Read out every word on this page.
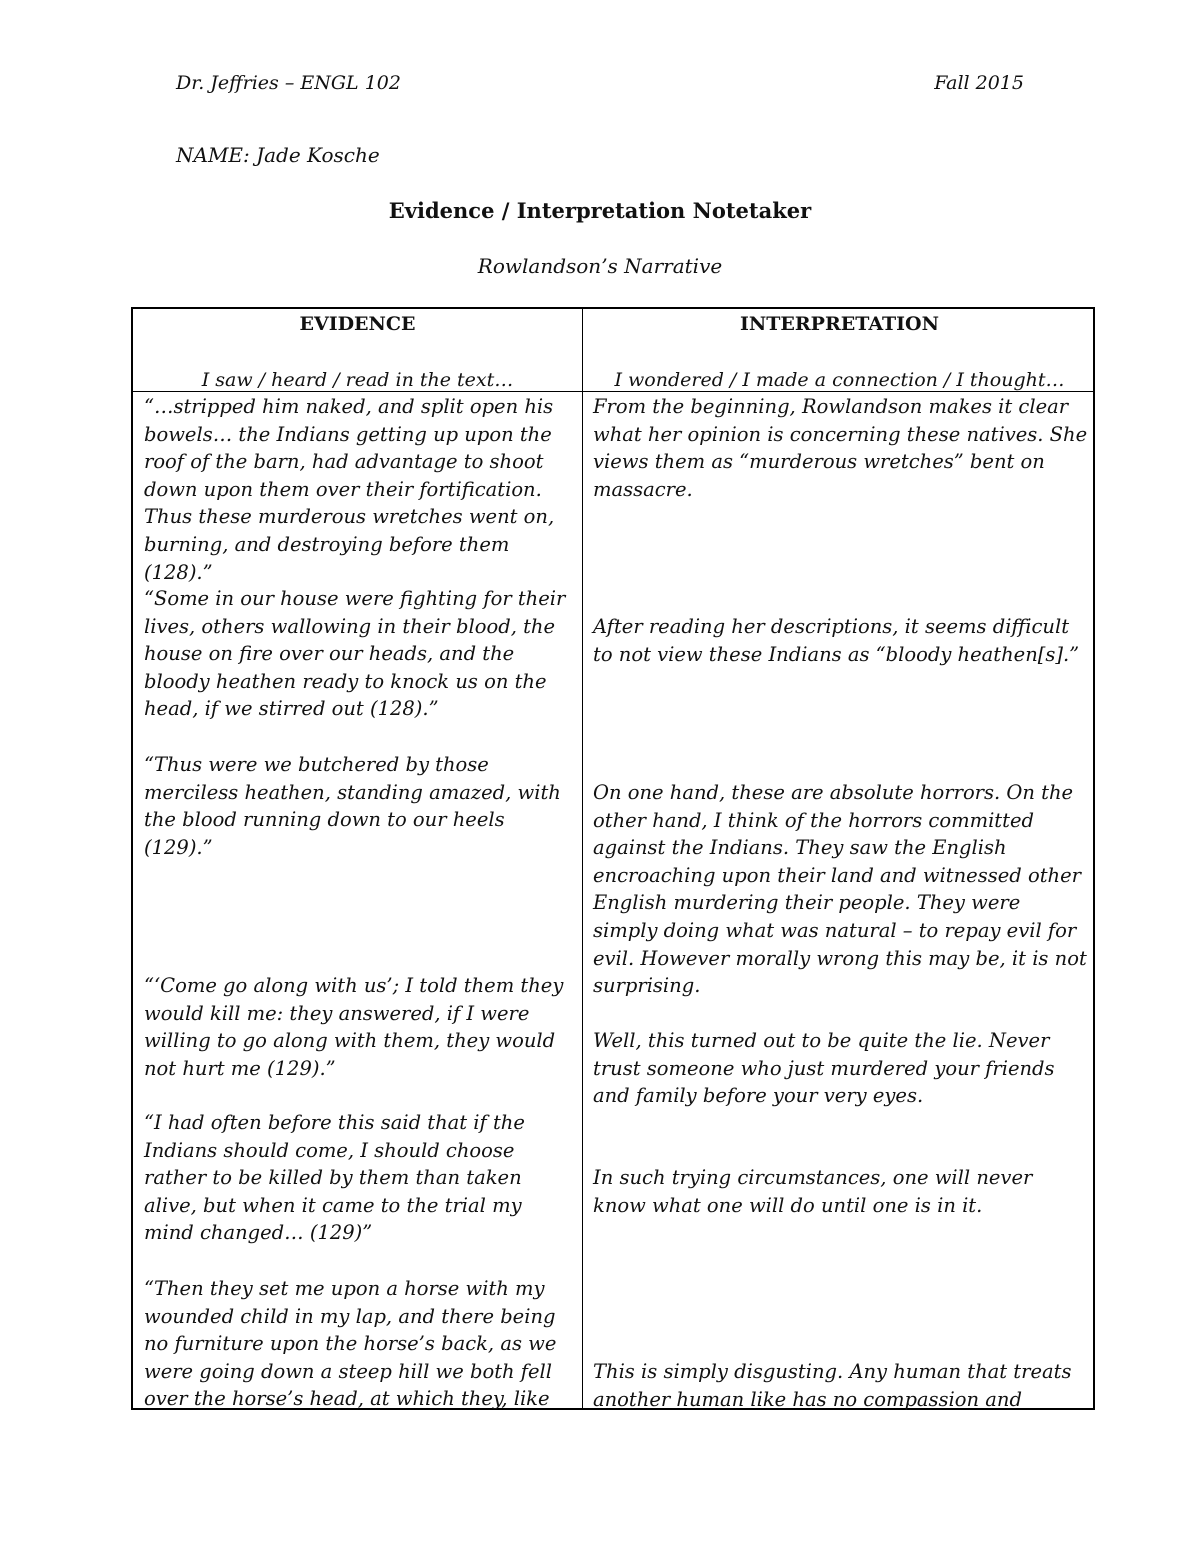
Dr. Jeffries – ENGL 102	Fall 2015
NAME: Jade Kosche
Evidence / Interpretation Notetaker
Rowlandson’s Narrative
EVIDENCE
I saw / heard / read in the text…
INTERPRETATION
I wondered / I made a connection / I thought…

“…stripped him naked, and split open his bowels… the Indians getting up upon the roof of the barn, had advantage to shoot down upon them over their fortification. Thus these murderous wretches went on, burning, and destroying before them (128).”

“Some in our house were fighting for their lives, others wallowing in their blood, the house on fire over our heads, and the bloody heathen ready to knock us on the head, if we stirred out (128).”

“Thus were we butchered by those merciless heathen, standing amazed, with the blood running down to our heels (129).”

“‘Come go along with us’; I told them they would kill me: they answered, if I were willing to go along with them, they would not hurt me (129).”

“I had often before this said that if the Indians should come, I should choose rather to be killed by them than taken alive, but when it came to the trial my mind changed… (129)”

“Then they set me upon a horse with my wounded child in my lap, and there being no furniture upon the horse’s back, as we were going down a steep hill we both fell over the horse’s head, at which they, like

From the beginning, Rowlandson makes it clear what her opinion is concerning these natives. She views them as “murderous wretches” bent on massacre.

After reading her descriptions, it seems difficult to not view these Indians as “bloody heathen[s].”

On one hand, these are absolute horrors. On the other hand, I think of the horrors committed against the Indians. They saw the English encroaching upon their land and witnessed other English murdering their people. They were simply doing what was natural – to repay evil for evil. However morally wrong this may be, it is not surprising.

Well, this turned out to be quite the lie. Never trust someone who just murdered your friends and family before your very eyes.

In such trying circumstances, one will never know what one will do until one is in it.

This is simply disgusting. Any human that treats another human like has no compassion and
